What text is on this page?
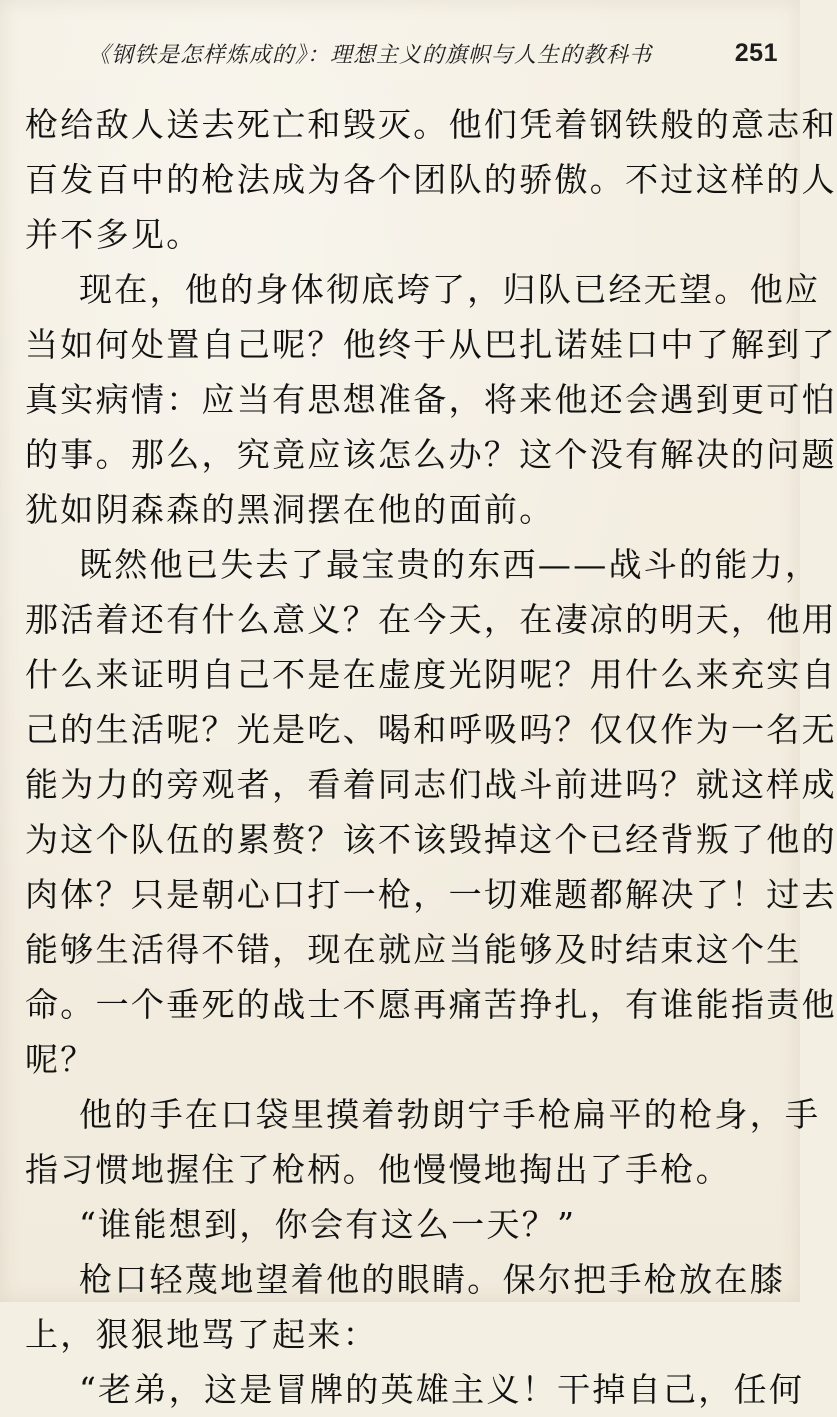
《钢铁是怎样炼成的》：理想主义的旗帜与人生的教科书	251

枪给敌人送去死亡和毁灭。他们凭着钢铁般的意志和

百发百中的枪法成为各个团队的骄傲。不过这样的人

并不多见。

现在，他的身体彻底垮了，归队已经无望。他应

当如何处置自己呢？他终于从巴扎诺娃口中了解到了

真实病情：应当有思想准备，将来他还会遇到更可怕

的事。那么，究竟应该怎么办？这个没有解决的问题

犹如阴森森的黑洞摆在他的面前。

既然他已失去了最宝贵的东西——战斗的能力，

那活着还有什么意义？在今天，在凄凉的明天，他用

什么来证明自己不是在虚度光阴呢？用什么来充实自

己的生活呢？光是吃、喝和呼吸吗？仅仅作为一名无

能为力的旁观者，看着同志们战斗前进吗？就这样成

为这个队伍的累赘？该不该毁掉这个已经背叛了他的

肉体？只是朝心口打一枪，一切难题都解决了！过去

能够生活得不错，现在就应当能够及时结束这个生

命。一个垂死的战士不愿再痛苦挣扎，有谁能指责他

呢？

他的手在口袋里摸着勃朗宁手枪扁平的枪身，手

指习惯地握住了枪柄。他慢慢地掏出了手枪。

“谁能想到，你会有这么一天？”

枪口轻蔑地望着他的眼睛。保尔把手枪放在膝

上，狠狠地骂了起来：

“老弟，这是冒牌的英雄主义！干掉自己，任何
